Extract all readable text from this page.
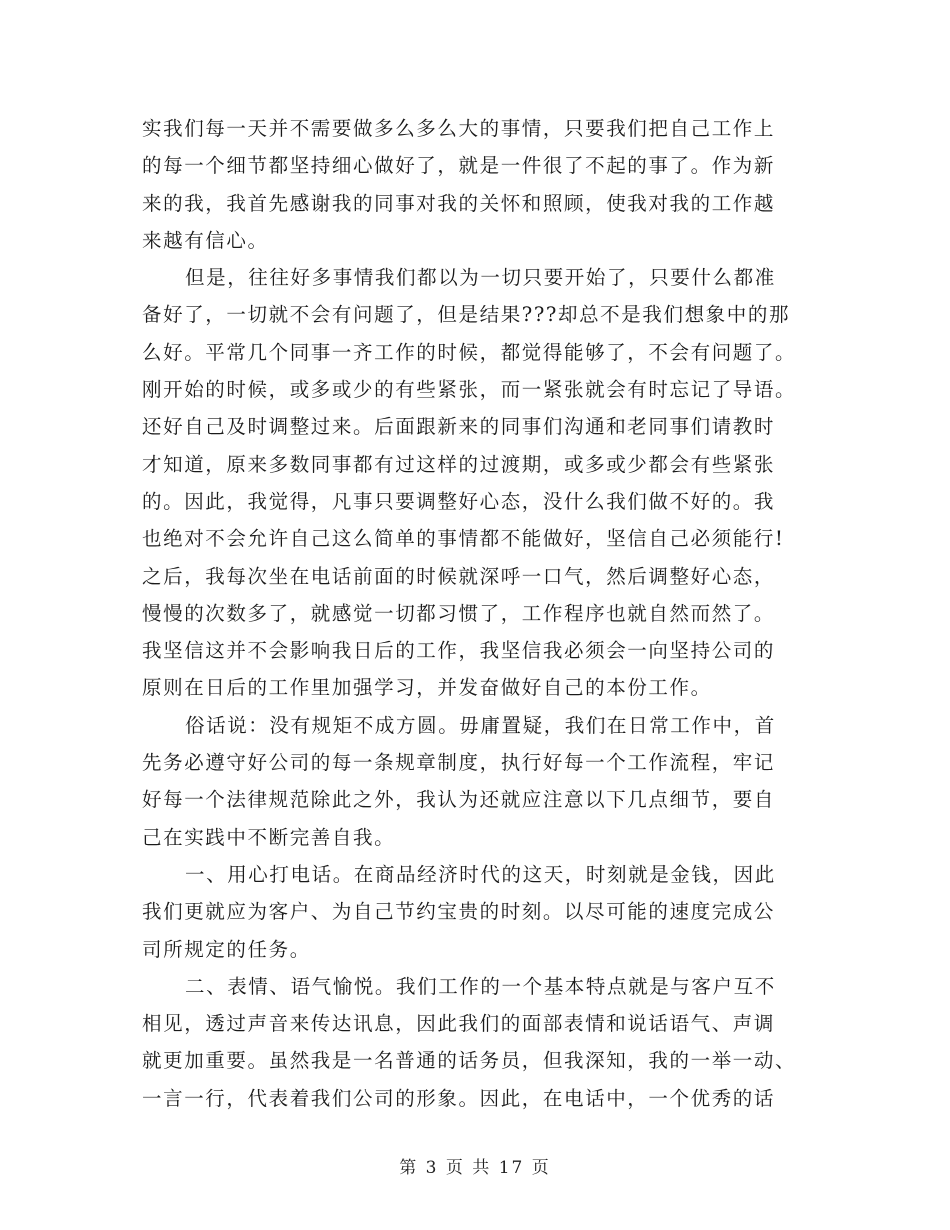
实我们每一天并不需要做多么多么大的事情，只要我们把自己工作上
的每一个细节都坚持细心做好了，就是一件很了不起的事了。作为新
来的我，我首先感谢我的同事对我的关怀和照顾，使我对我的工作越
来越有信心。
但是，往往好多事情我们都以为一切只要开始了，只要什么都准
备好了，一切就不会有问题了，但是结果???却总不是我们想象中的那
么好。平常几个同事一齐工作的时候，都觉得能够了，不会有问题了。
刚开始的时候，或多或少的有些紧张，而一紧张就会有时忘记了导语。
还好自己及时调整过来。后面跟新来的同事们沟通和老同事们请教时
才知道，原来多数同事都有过这样的过渡期，或多或少都会有些紧张
的。因此，我觉得，凡事只要调整好心态，没什么我们做不好的。我
也绝对不会允许自己这么简单的事情都不能做好，坚信自己必须能行!
之后，我每次坐在电话前面的时候就深呼一口气，然后调整好心态，
慢慢的次数多了，就感觉一切都习惯了，工作程序也就自然而然了。
我坚信这并不会影响我日后的工作，我坚信我必须会一向坚持公司的
原则在日后的工作里加强学习，并发奋做好自己的本份工作。
俗话说：没有规矩不成方圆。毋庸置疑，我们在日常工作中，首
先务必遵守好公司的每一条规章制度，执行好每一个工作流程，牢记
好每一个法律规范除此之外，我认为还就应注意以下几点细节，要自
己在实践中不断完善自我。
一、用心打电话。在商品经济时代的这天，时刻就是金钱，因此
我们更就应为客户、为自己节约宝贵的时刻。以尽可能的速度完成公
司所规定的任务。
二、表情、语气愉悦。我们工作的一个基本特点就是与客户互不
相见，透过声音来传达讯息，因此我们的面部表情和说话语气、声调
就更加重要。虽然我是一名普通的话务员，但我深知，我的一举一动、
一言一行，代表着我们公司的形象。因此，在电话中，一个优秀的话
第 3 页 共 17 页
